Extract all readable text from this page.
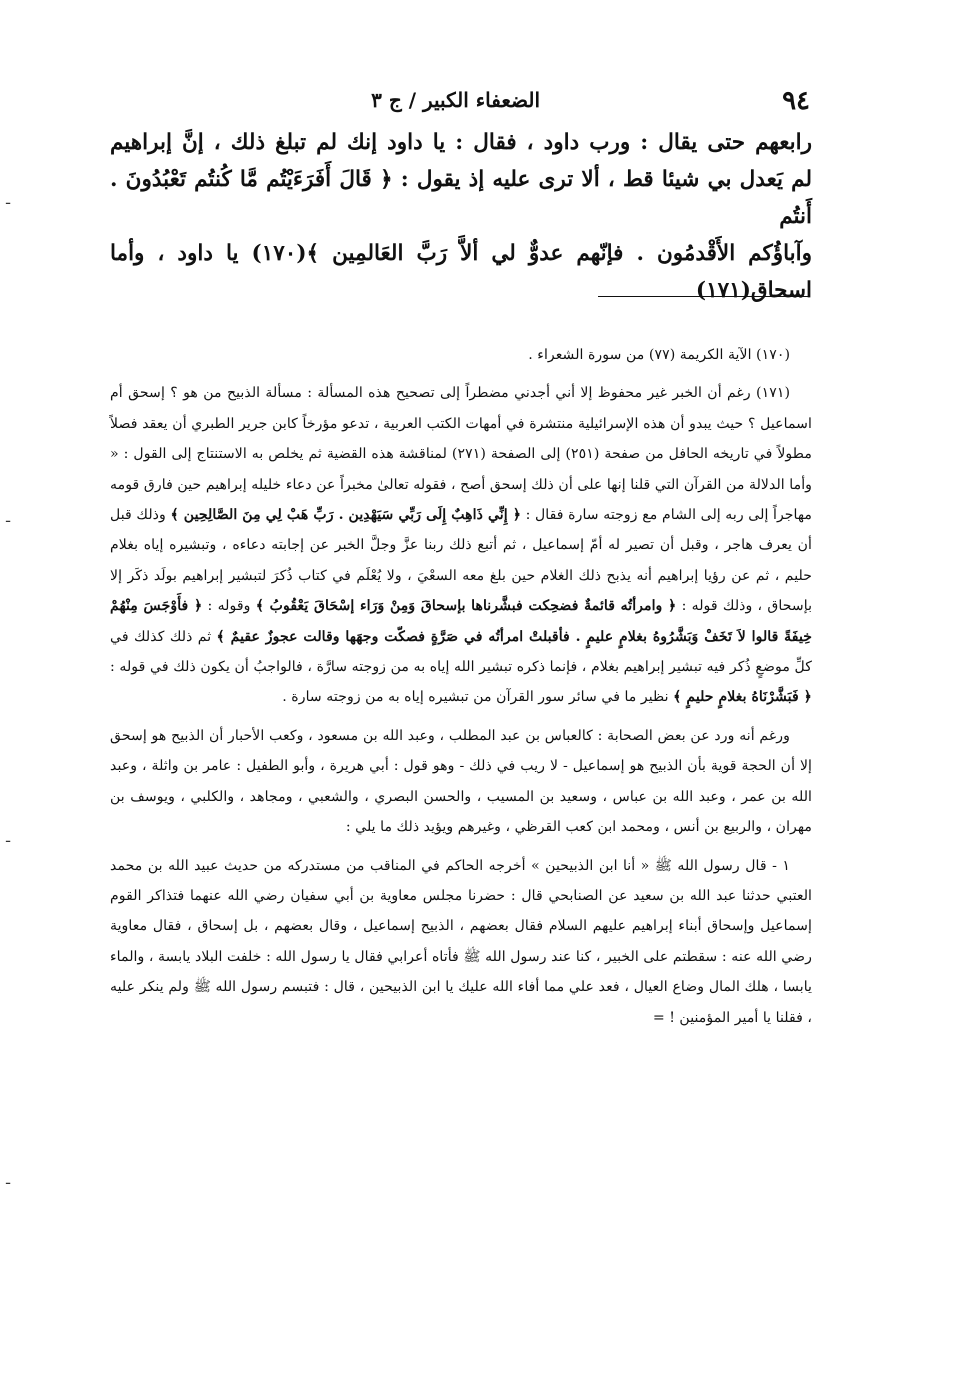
٩٤
الضعفاء الكبير / ج ٣

رابعهم حتى يقال : ورب داود ، فقال : يا داود إنك لم تبلغ ذلك ، إنَّ إبراهيم

لم يَعدل بي شيئا قط ، ألا ترى عليه إذ يقول : ﴿ قَالَ أَفَرَءَيْتُم مَّا كُنتُم تَعْبُدُونَ . أَنتُم

وآباؤُكم الأَقْدمُون . فإنّهم عدوٌّ لي ألاَّ رَبَّ العَالمِين ﴾(١٧٠) يا داود ، وأما اسحاق(١٧١)

(١٧٠) الآية الكريمة (٧٧) من سورة الشعراء .

(١٧١) رغم أن الخبر غير محفوظ إلا أني أجدني مضطراً إلى تصحيح هذه المسألة : مسألة الذبيح من هو ؟ إسحق أم اسماعيل ؟ حيث يبدو أن هذه الإسرائيلية منتشرة في أمهات الكتب العربية ، تدعو مؤرخاً كابن جرير الطبري أن يعقد فصلاً مطولاً في تاريخه الحافل من صفحة (٢٥١) إلى الصفحة (٢٧١) لمناقشة هذه القضية ثم يخلص به الاستنتاج إلى القول : « وأما الدلالة من القرآن التي قلنا إنها على أن ذلك إسحق أصح ، فقوله تعالىٰ مخبراً عن دعاء خليله إبراهيم حين فارق قومه مهاجراً إلى ربه إلى الشام مع زوجته سارة فقال : ﴿ إِنِّي ذَاهِبٌ إِلَى رَبِّي سَيَهْدِين . رَبِّ هَبْ لِي مِنَ الصَّالِحِين ﴾ وذلك قبل أن يعرف هاجر ، وقبل أن تصير له أمّ إسماعيل ، ثم أتبع ذلك ربنا عزَّ وجلَّ الخبر عن إجابته دعاءه ، وتبشيره إياه بغلام حليم ، ثم عن رؤيا إبراهيم أنه يذبح ذلك الغلام حين بلغ معه السعْيَ ، ولا يُعْلَم في كتاب ذُكرَ لتبشير إبراهيم بولَد ذكَر إلا بإسحاق ، وذلك قوله : ﴿ وامرأتُه قائمةٌ فضحِكت فبشَّرناها بإسحاقَ وَمِنْ وَرَاء إسْحَاقَ يَعْقُوبُ ﴾ وقوله : ﴿ فأَوْجَسَ مِنْهُمْ خِيفَةً قالوا لاَ تَخَفْ وَبَشَّرُوهُ بغلامٍ عليمٍ . فأقبلتْ امرأتُه في صَرَّةٍ فصكّت وجهَها وقالت عجوزٌ عقيمٌ ﴾ ثم ذلك كذلك في كلِّ موضعٍ ذُكر فيه تبشير إبراهيم بغلام ، فإنما ذكره تبشير الله إياه به من زوجته سارَّة ، فالواجبُ أن يكون ذلك في قوله : ﴿ فَبَشَّرْنَاهُ بغلامٍ حليمٍ ﴾ نظير ما في سائر سور القرآن من تبشيره إياه به من زوجته سارة .

ورغم أنه ورد عن بعض الصحابة : كالعباس بن عبد المطلب ، وعبد الله بن مسعود ، وكعب الأحبار أن الذبيح هو إسحق إلا أن الحجة قوية بأن الذبيح هو إسماعيل - لا ريب في ذلك - وهو قول : أبي هريرة ، وأبو الطفيل : عامر بن واثلة ، وعبد الله بن عمر ، وعبد الله بن عباس ، وسعيد بن المسيب ، والحسن البصري ، والشعبي ، ومجاهد ، والكلبي ، ويوسف بن مهران ، والربيع بن أنس ، ومحمد ابن كعب القرظي ، وغيرهم ويؤيد ذلك ما يلي :

١ - قال رسول الله ﷺ « أنا ابن الذبيحين » أخرجه الحاكم في المناقب من مستدركه من حديث عبيد الله بن محمد العتبي حدثنا عبد الله بن سعيد عن الصنابحي قال : حضرنا مجلس معاوية بن أبي سفيان رضي الله عنهما فتذاكر القوم إسماعيل وإسحاق أبناء إبراهيم عليهم السلام فقال بعضهم ، الذبيح إسماعيل ، وقال بعضهم ، بل إسحاق ، فقال معاوية رضي الله عنه : سقطتم على الخبير ، كنا عند رسول الله ﷺ فأتاه أعرابي فقال يا رسول الله : خلفت البلاد يابسة ، والماء يابسا ، هلك المال وضاع العيال ، فعد علي مما أفاء الله عليك يا ابن الذبيحين ، قال : فتبسم رسول الله ﷺ ولم ينكر عليه ، فقلنا يا أمير المؤمنين ! =

ـ
ـ
ـ
ـ
